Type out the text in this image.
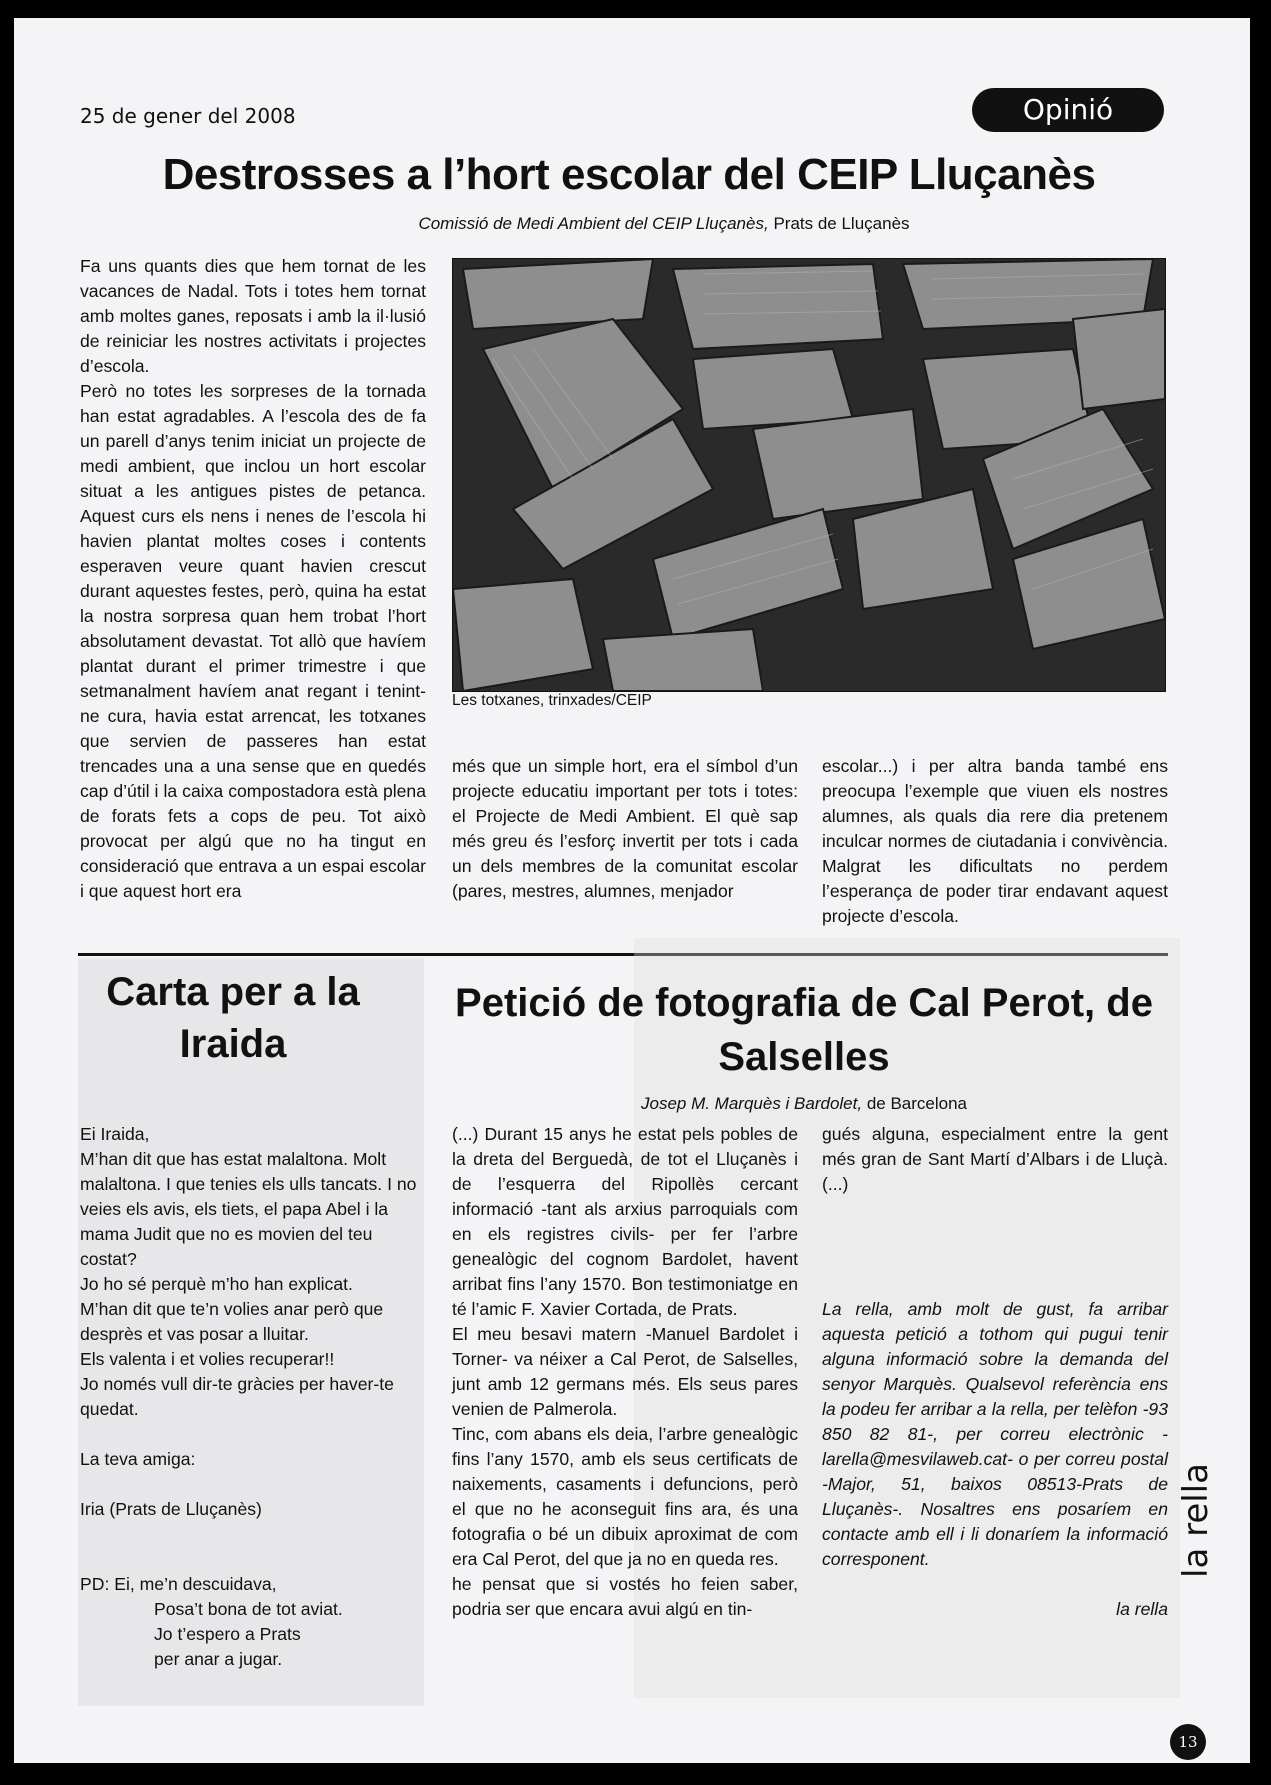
25 de gener del 2008	Opinió
Destrosses a l’hort escolar del CEIP Lluçanès
Comissió de Medi Ambient del CEIP Lluçanès, Prats de Lluçanès

Fa uns quants dies que hem tornat de les vacances de Nadal. Tots i totes hem tornat amb moltes ganes, reposats i amb la il·lusió de reiniciar les nostres activitats i projectes d’escola.

Però no totes les sorpreses de la tornada han estat agradables. A l’escola des de fa un parell d’anys tenim iniciat un projecte de medi ambient, que inclou un hort escolar situat a les antigues pistes de petanca. Aquest curs els nens i nenes de l’escola hi havien plantat moltes coses i contents esperaven veure quant havien crescut durant aquestes festes, però, quina ha estat la nostra sorpresa quan hem trobat l’hort absolutament devastat. Tot allò que havíem plantat durant el primer trimestre i que setmanalment havíem anat regant i tenint-ne cura, havia estat arrencat, les totxanes que servien de passeres han estat trencades una a una sense que en quedés cap d’útil i la caixa compostadora està plena de forats fets a cops de peu. Tot això provocat per algú que no ha tingut en consideració que entrava a un espai escolar i que aquest hort era

Les totxanes, trinxades/CEIP

més que un simple hort, era el símbol d’un projecte educatiu important per tots i totes: el Projecte de Medi Ambient. El què sap més greu és l’esforç invertit per tots i cada un dels membres de la comunitat escolar (pares, mestres, alumnes, menjador

escolar...) i per altra banda també ens preocupa l’exemple que viuen els nostres alumnes, als quals dia rere dia pretenem inculcar normes de ciutadania i convivència. Malgrat les dificultats no perdem l’esperança de poder tirar endavant aquest projecte d’escola.

Carta per a la Iraida

Ei Iraida,

M’han dit que has estat malaltona. Molt malaltona. I que tenies els ulls tancats. I no veies els avis, els tiets, el papa Abel i la mama Judit que no es movien del teu costat?

Jo ho sé perquè m’ho han explicat.

M’han dit que te’n volies anar però que desprès et vas posar a lluitar.

Els valenta i et volies recuperar!!

Jo només vull dir-te gràcies per haver-te quedat.

La teva amiga:

Iria (Prats de Lluçanès)

PD: Ei, me’n descuidava,

Posa’t bona de tot aviat.

Jo t’espero a Prats

per anar a jugar.

Petició de fotografia de Cal Perot, de Salselles
Josep M. Marquès i Bardolet, de Barcelona

(...) Durant 15 anys he estat pels pobles de la dreta del Berguedà, de tot el Lluçanès i de l’esquerra del Ripollès cercant informació -tant als arxius parroquials com en els registres civils- per fer l’arbre genealògic del cognom Bardolet, havent arribat fins l’any 1570. Bon testimoniatge en té l’amic F. Xavier Cortada, de Prats.

El meu besavi matern -Manuel Bardolet i Torner- va néixer a Cal Perot, de Salselles, junt amb 12 germans més. Els seus pares venien de Palmerola.

Tinc, com abans els deia, l’arbre genealògic fins l’any 1570, amb els seus certificats de naixements, casaments i defuncions, però el que no he aconseguit fins ara, és una fotografia o bé un dibuix aproximat de com era Cal Perot, del que ja no en queda res.

he pensat que si vostés ho feien saber, podria ser que encara avui algú en tin-

gués alguna, especialment entre la gent més gran de Sant Martí d’Albars i de Lluçà. (...)

La rella, amb molt de gust, fa arribar aquesta petició a tothom qui pugui tenir alguna informació sobre la demanda del senyor Marquès. Qualsevol referència ens la podeu fer arribar a la rella, per telèfon -93 850 82 81-, per correu electrònic -larella@mesvilaweb.cat- o per correu postal -Major, 51, baixos 08513-Prats de Lluçanès-. Nosaltres ens posaríem en contacte amb ell i li donaríem la informació corresponent.

la rella

la rella
13
